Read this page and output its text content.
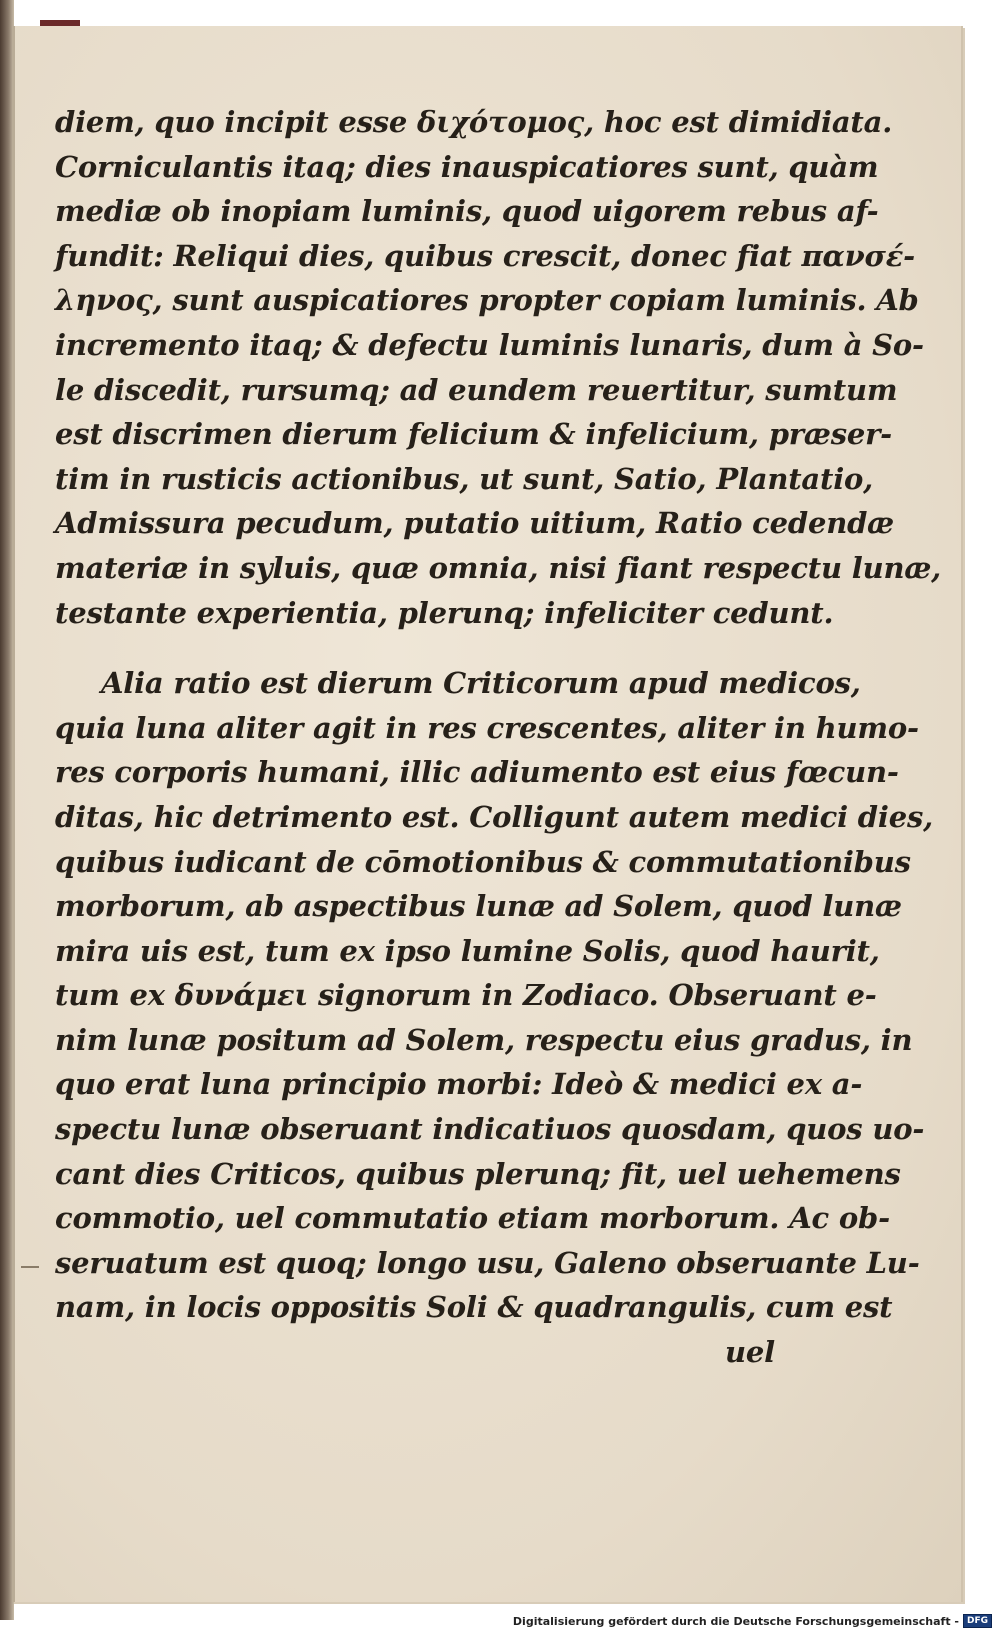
diem, quo incipit esse διχότομος, hoc est dimidiata.
Corniculantis itaq; dies inauspicatiores sunt, quàm
mediæ ob inopiam luminis, quod uigorem rebus af-
fundit: Reliqui dies, quibus crescit, donec fiat πανσέ-
ληνος, sunt auspicatiores propter copiam luminis. Ab
incremento itaq; & defectu luminis lunaris, dum à So-
le discedit, rursumq; ad eundem reuertitur, sumtum
est discrimen dierum felicium & infelicium, præser-
tim in rusticis actionibus, ut sunt, Satio, Plantatio,
Admissura pecudum, putatio uitium, Ratio cedendæ
materiæ in syluis, quæ omnia, nisi fiant respectu lunæ,
testante experientia, plerunq; infeliciter cedunt.
Alia ratio est dierum Criticorum apud medicos,
quia luna aliter agit in res crescentes, aliter in humo-
res corporis humani, illic adiumento est eius fœcun-
ditas, hic detrimento est. Colligunt autem medici dies,
quibus iudicant de cōmotionibus & commutationibus
morborum, ab aspectibus lunæ ad Solem, quod lunæ
mira uis est, tum ex ipso lumine Solis, quod haurit,
tum ex δυνάμει signorum in Zodiaco. Obseruant e-
nim lunæ positum ad Solem, respectu eius gradus, in
quo erat luna principio morbi: Ideò & medici ex a-
spectu lunæ obseruant indicatiuos quosdam, quos uo-
cant dies Criticos, quibus plerunq; fit, uel uehemens
commotio, uel commutatio etiam morborum. Ac ob-
seruatum est quoq; longo usu, Galeno obseruante Lu-
nam, in locis oppositis Soli & quadrangulis, cum est
uel
Digitalisierung gefördert durch die Deutsche Forschungsgemeinschaft - DFG
